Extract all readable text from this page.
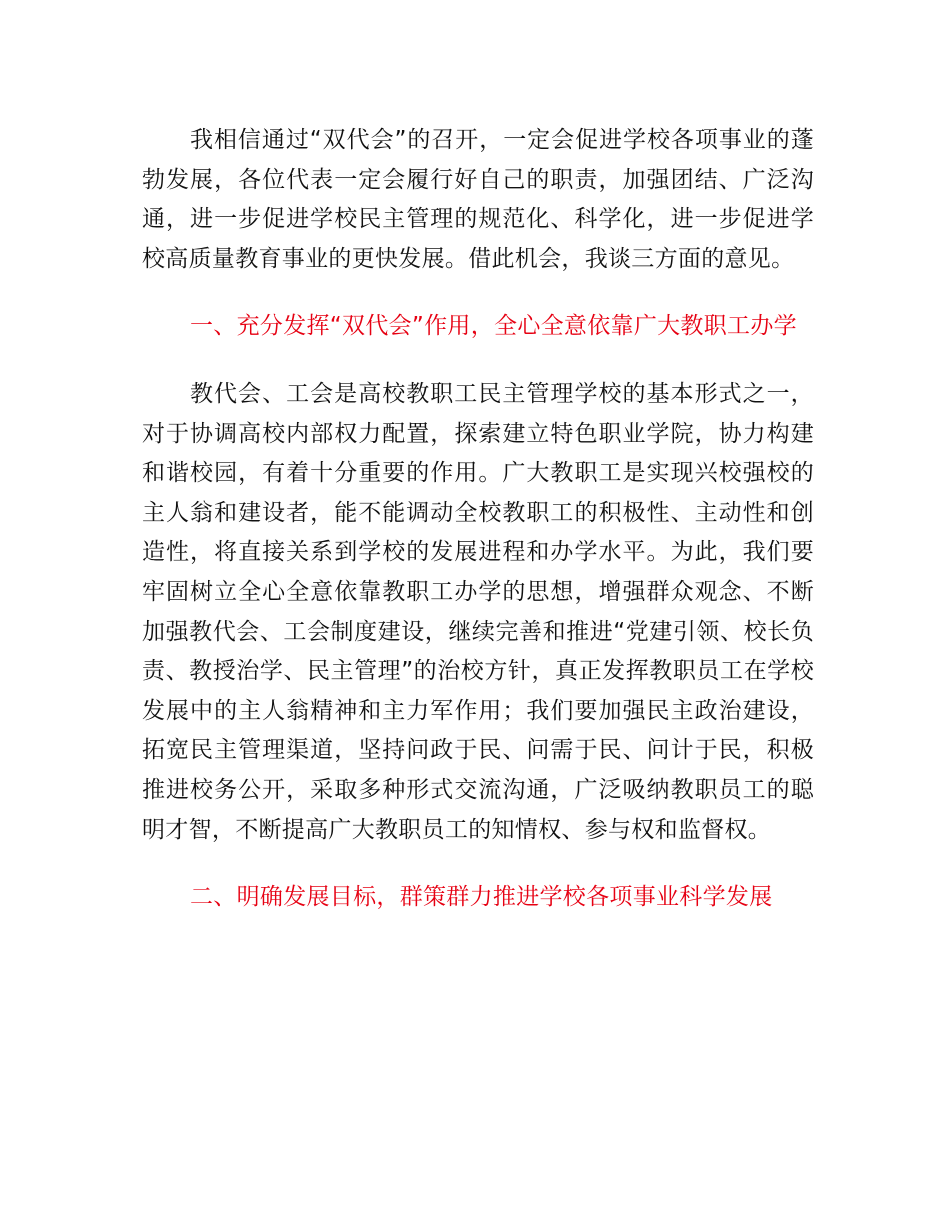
我相信通过“双代会”的召开，一定会促进学校各项事业的蓬勃发展，各位代表一定会履行好自己的职责，加强团结、广泛沟通，进一步促进学校民主管理的规范化、科学化，进一步促进学校高质量教育事业的更快发展。借此机会，我谈三方面的意见。

一、充分发挥“双代会”作用，全心全意依靠广大教职工办学

教代会、工会是高校教职工民主管理学校的基本形式之一，对于协调高校内部权力配置，探索建立特色职业学院，协力构建和谐校园，有着十分重要的作用。广大教职工是实现兴校强校的主人翁和建设者，能不能调动全校教职工的积极性、主动性和创造性，将直接关系到学校的发展进程和办学水平。为此，我们要牢固树立全心全意依靠教职工办学的思想，增强群众观念、不断加强教代会、工会制度建设，继续完善和推进“党建引领、校长负责、教授治学、民主管理”的治校方针，真正发挥教职员工在学校发展中的主人翁精神和主力军作用；我们要加强民主政治建设，拓宽民主管理渠道，坚持问政于民、问需于民、问计于民，积极推进校务公开，采取多种形式交流沟通，广泛吸纳教职员工的聪明才智，不断提高广大教职员工的知情权、参与权和监督权。

二、明确发展目标，群策群力推进学校各项事业科学发展
